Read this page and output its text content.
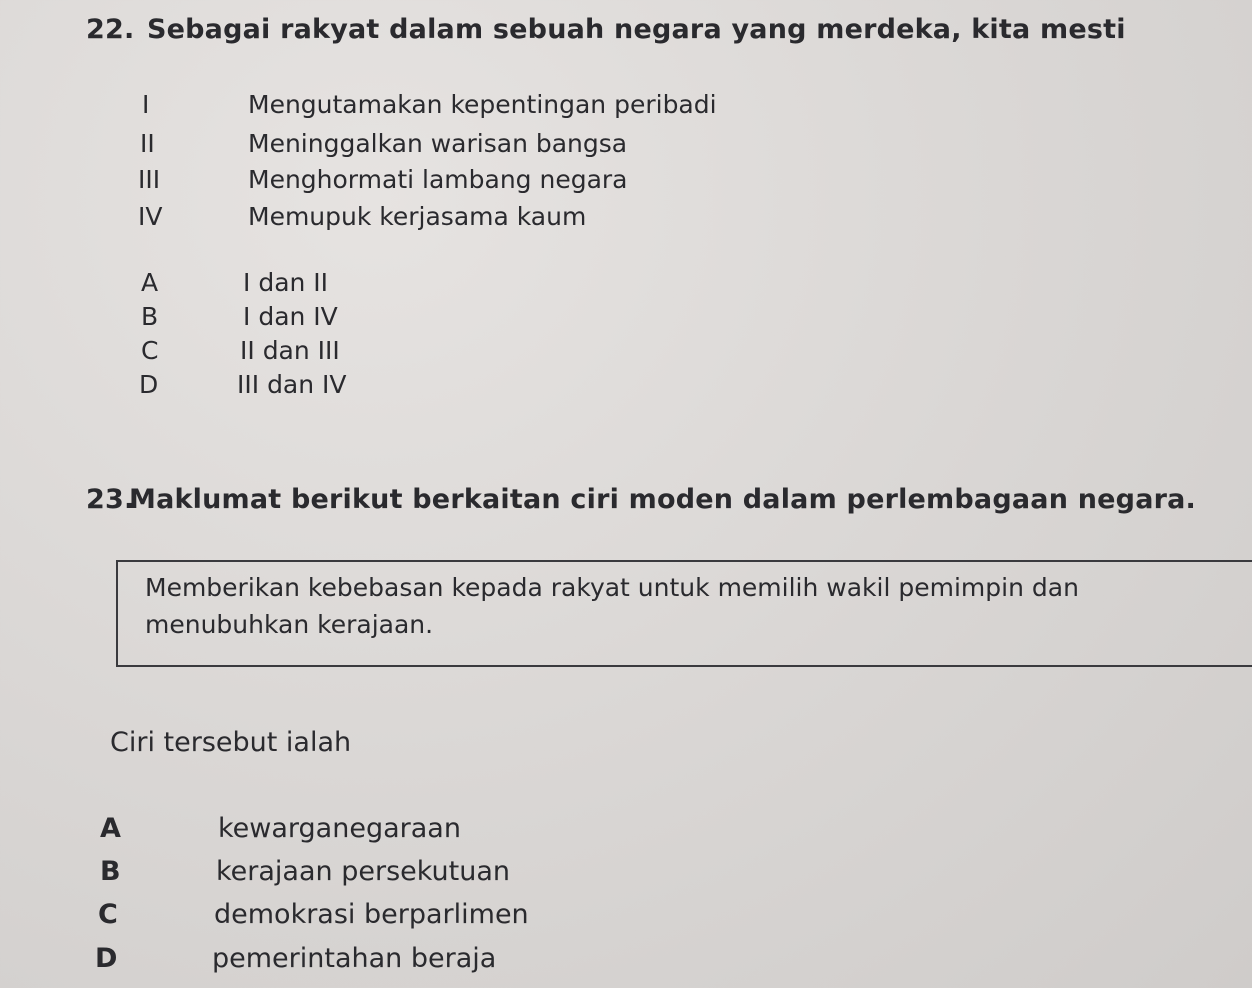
22. Sebagai rakyat dalam sebuah negara yang merdeka, kita mesti
I	Mengutamakan kepentingan peribadi
II	Meninggalkan warisan bangsa
III	Menghormati lambang negara
IV	Memupuk kerjasama kaum
A	I dan II
B	I dan IV
C	II dan III
D	III dan IV
23.
Maklumat berikut berkaitan ciri moden dalam perlembagaan negara.
Memberikan kebebasan kepada rakyat untuk memilih wakil pemimpin dan
menubuhkan kerajaan.
Ciri tersebut ialah
A	kewarganegaraan
B	kerajaan persekutuan
C	demokrasi berparlimen
D	pemerintahan beraja
